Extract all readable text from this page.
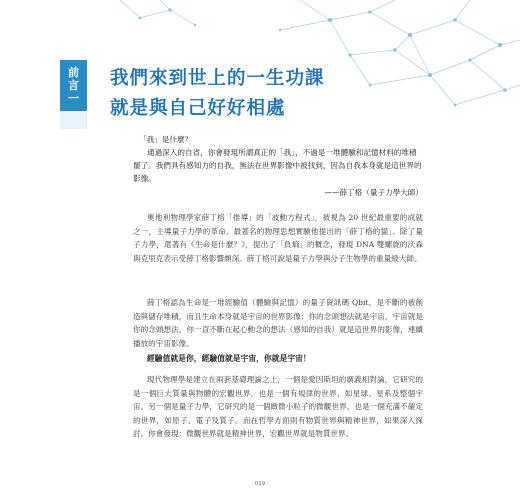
前
言
一
我們來到世上的一生功課
就是與自己好好相處
「我」是什麼？
通過深入的自省，你會發現所謂真正的「我」，不過是一堆體驗和記憶材料的堆積罷了。我們具有感知力的自我，無法在世界影像中被找到，因為自我本身就是這世界的影像。
——薛丁格（量子力學大師）

奧地利物理學家薛丁格「推導」的「波動方程式」，被視為 20 世紀最重要的成就之一，主導量子力學的革命。最著名的物理思想實驗他提出的「薛丁格的貓」。除了量子力學，還著有《生命是什麼？》，提出了「負熵」的概念，發現 DNA 雙螺旋的沃森與克里克表示受薛丁格影響頗深。薛丁格可說是量子力學與分子生物學的重量級大師。

薛丁格認為生命是一堆經驗值（體驗與記憶）的量子資訊碼 Qbit，是不斷的被創造與儲存堆積，而且生命本身就是宇宙的世界影像；你的念頭想法就是宇宙，宇宙就是你的念頭想法，你一直不斷在起心動念的想法（感知的自我）就是這世界的影像，連續播放的宇宙影像。

經驗值就是你，經驗值就是宇宙，你就是宇宙！

現代物理學是建立在兩套基礎理論之上，一個是愛因斯坦的廣義相對論，它研究的是一個巨大質量與物體的宏觀世界，也是一個有規律的世界，如星球、星系及整個宇宙。另一個是量子力學，它研究的是一個緻微小粒子的微觀世界，也是一個充滿不確定的世界，如原子、電子及質子。而在哲學方面則有物質世界與精神世界，如果深入探討，你會發現：微觀世界就是精神世界，宏觀世界就是物質世界。

019
